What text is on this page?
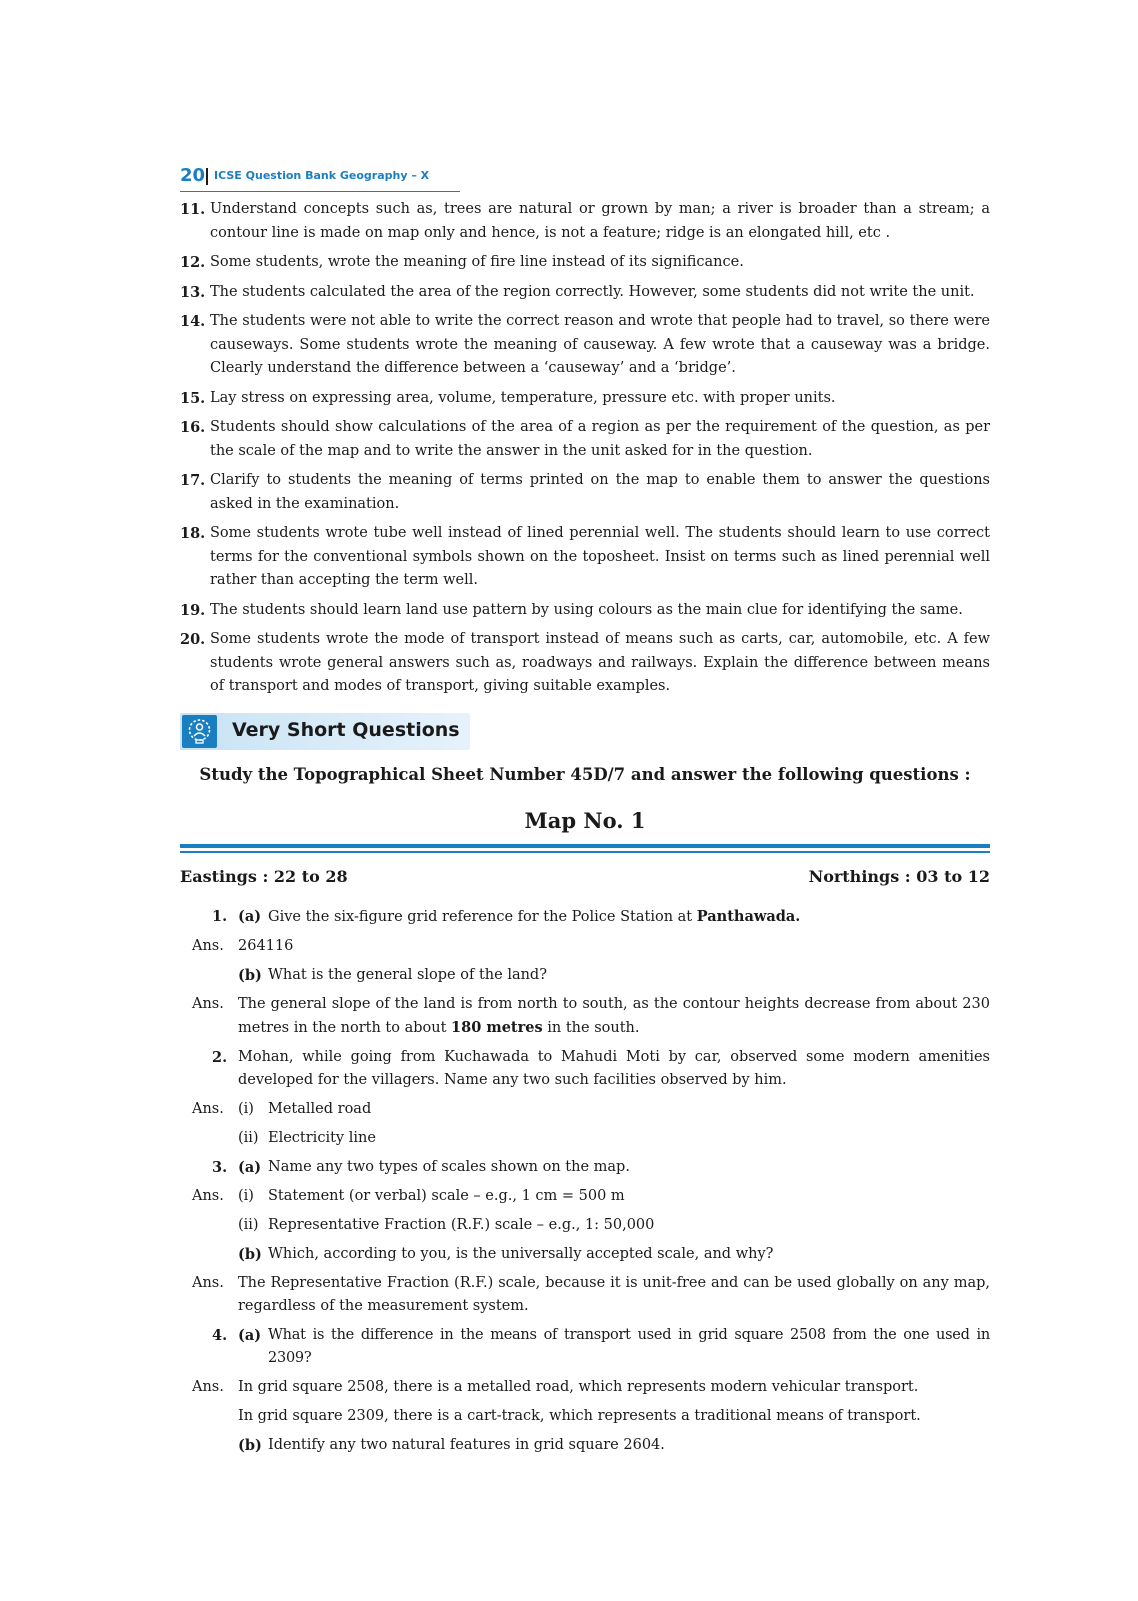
20 ICSE Question Bank Geography – X
11. Understand concepts such as, trees are natural or grown by man; a river is broader than a stream; a contour line is made on map only and hence, is not a feature; ridge is an elongated hill, etc .
12. Some students, wrote the meaning of fire line instead of its significance.
13. The students calculated the area of the region correctly. However, some students did not write the unit.
14. The students were not able to write the correct reason and wrote that people had to travel, so there were causeways. Some students wrote the meaning of causeway. A few wrote that a causeway was a bridge. Clearly understand the difference between a ‘causeway’ and a ‘bridge’.
15. Lay stress on expressing area, volume, temperature, pressure etc. with proper units.
16. Students should show calculations of the area of a region as per the requirement of the question, as per the scale of the map and to write the answer in the unit asked for in the question.
17. Clarify to students the meaning of terms printed on the map to enable them to answer the questions asked in the examination.
18. Some students wrote tube well instead of lined perennial well. The students should learn to use correct terms for the conventional symbols shown on the toposheet. Insist on terms such as lined perennial well rather than accepting the term well.
19. The students should learn land use pattern by using colours as the main clue for identifying the same.
20. Some students wrote the mode of transport instead of means such as carts, car, automobile, etc. A few students wrote general answers such as, roadways and railways. Explain the difference between means of transport and modes of transport, giving suitable examples.
Very Short Questions
Study the Topographical Sheet Number 45D/7 and answer the following questions :
Map No. 1
Eastings : 22 to 28	Northings : 03 to 12
1. (a) Give the six-figure grid reference for the Police Station at Panthawada.
Ans. 264116
(b) What is the general slope of the land?
Ans. The general slope of the land is from north to south, as the contour heights decrease from about 230 metres in the north to about 180 metres in the south.
2. Mohan, while going from Kuchawada to Mahudi Moti by car, observed some modern amenities developed for the villagers. Name any two such facilities observed by him.
Ans. (i) Metalled road
(ii) Electricity line
3. (a) Name any two types of scales shown on the map.
Ans. (i) Statement (or verbal) scale – e.g., 1 cm = 500 m
(ii) Representative Fraction (R.F.) scale – e.g., 1: 50,000
(b) Which, according to you, is the universally accepted scale, and why?
Ans. The Representative Fraction (R.F.) scale, because it is unit-free and can be used globally on any map, regardless of the measurement system.
4. (a) What is the difference in the means of transport used in grid square 2508 from the one used in 2309?
Ans. In grid square 2508, there is a metalled road, which represents modern vehicular transport.
In grid square 2309, there is a cart-track, which represents a traditional means of transport.
(b) Identify any two natural features in grid square 2604.
